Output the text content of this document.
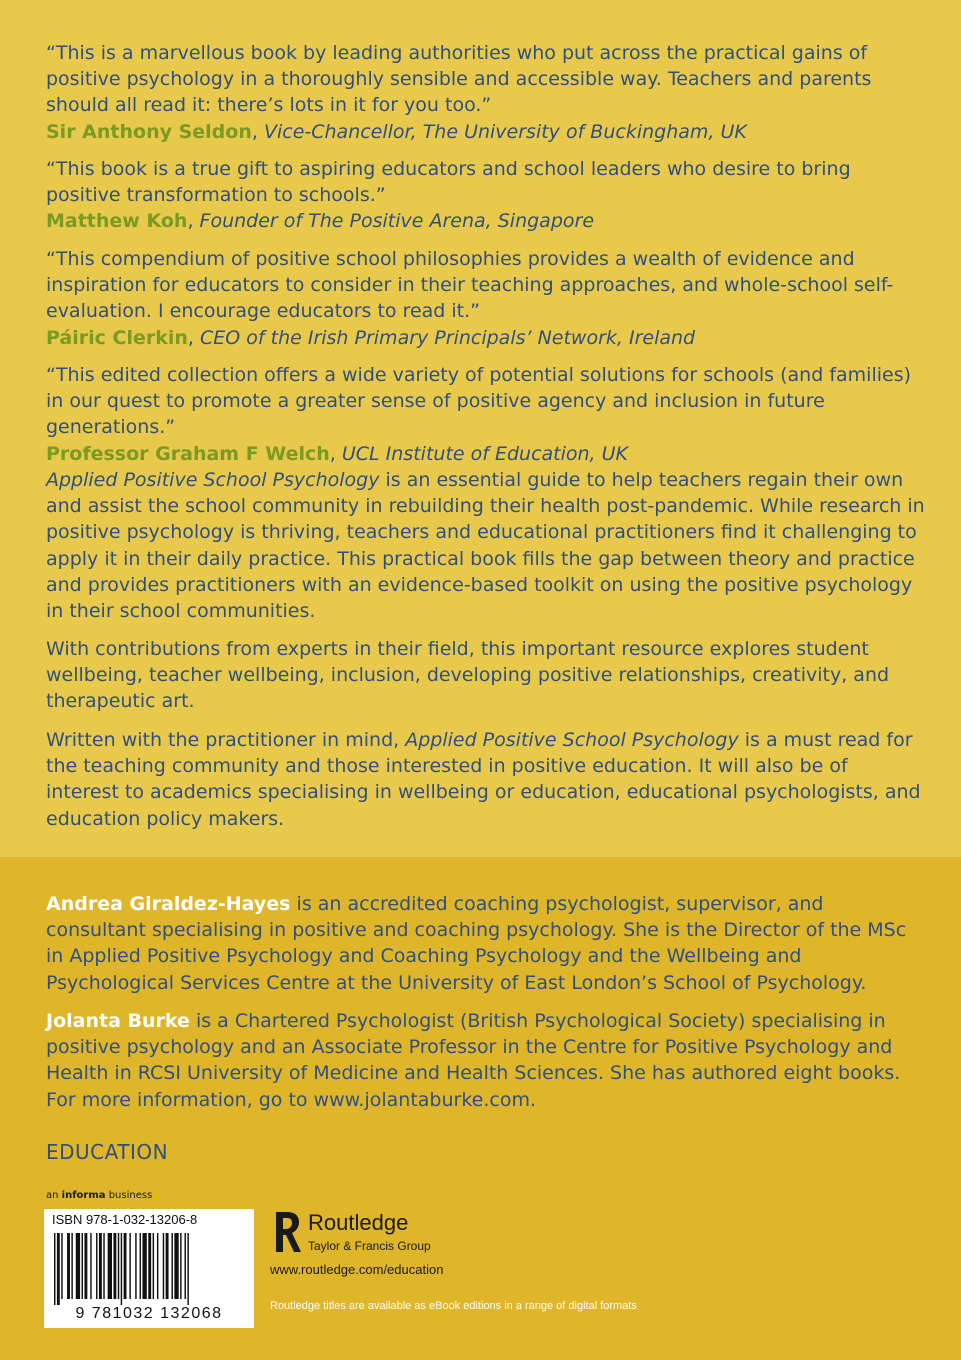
“This is a marvellous book by leading authorities who put across the practical gains of positive psychology in a thoroughly sensible and accessible way. Teachers and parents should all read it: there’s lots in it for you too.”
Sir Anthony Seldon, Vice-Chancellor, The University of Buckingham, UK
“This book is a true gift to aspiring educators and school leaders who desire to bring positive transformation to schools.”
Matthew Koh, Founder of The Positive Arena, Singapore
“This compendium of positive school philosophies provides a wealth of evidence and inspiration for educators to consider in their teaching approaches, and whole-school self-evaluation. I encourage educators to read it.”
Páiric Clerkin, CEO of the Irish Primary Principals’ Network, Ireland
“This edited collection offers a wide variety of potential solutions for schools (and families) in our quest to promote a greater sense of positive agency and inclusion in future generations.”
Professor Graham F Welch, UCL Institute of Education, UK

Applied Positive School Psychology is an essential guide to help teachers regain their own and assist the school community in rebuilding their health post-pandemic. While research in positive psychology is thriving, teachers and educational practitioners find it challenging to apply it in their daily practice. This practical book fills the gap between theory and practice and provides practitioners with an evidence-based toolkit on using the positive psychology in their school communities.

With contributions from experts in their field, this important resource explores student wellbeing, teacher wellbeing, inclusion, developing positive relationships, creativity, and therapeutic art.

Written with the practitioner in mind, Applied Positive School Psychology is a must read for the teaching community and those interested in positive education. It will also be of interest to academics specialising in wellbeing or education, educational psychologists, and education policy makers.

Andrea Giraldez-Hayes is an accredited coaching psychologist, supervisor, and consultant specialising in positive and coaching psychology. She is the Director of the MSc in Applied Positive Psychology and Coaching Psychology and the Wellbeing and Psychological Services Centre at the University of East London’s School of Psychology.

Jolanta Burke is a Chartered Psychologist (British Psychological Society) specialising in positive psychology and an Associate Professor in the Centre for Positive Psychology and Health in RCSI University of Medicine and Health Sciences. She has authored eight books. For more information, go to www.jolantaburke.com.

EDUCATION
an informa business
ISBN 978-1-032-13206-8
9 781032 132068
Routledge
Taylor & Francis Group
www.routledge.com/education
Routledge titles are available as eBook editions in a range of digital formats
